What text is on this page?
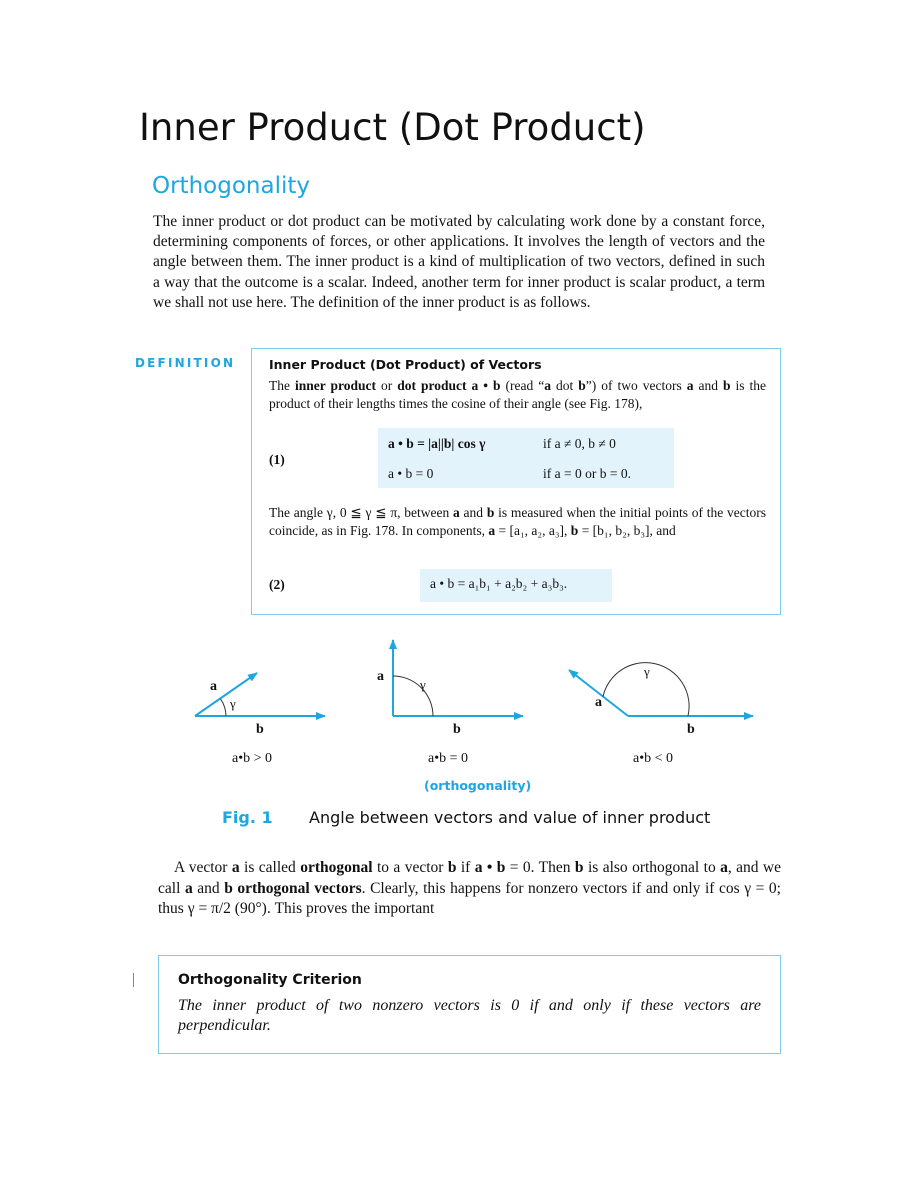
Inner Product (Dot Product)
Orthogonality

The inner product or dot product can be motivated by calculating work done by a constant force, determining components of forces, or other applications. It involves the length of vectors and the angle between them. The inner product is a kind of multiplication of two vectors, defined in such a way that the outcome is a scalar. Indeed, another term for inner product is scalar product, a term we shall not use here. The definition of the inner product is as follows.

DEFINITION	Inner Product (Dot Product) of Vectors

The inner product or dot product a • b (read “a dot b”) of two vectors a and b is the product of their lengths times the cosine of their angle (see Fig. 178),

(1)
a • b = |a||b| cos γ	if a ≠ 0, b ≠ 0
a • b = 0	if a = 0 or b = 0.

The angle γ, 0 ≦ γ ≦ π, between a and b is measured when the initial points of the vectors coincide, as in Fig. 178. In components, a = [a₁, a₂, a₃], b = [b₁, b₂, b₃], and

(2)	a • b = a₁b₁ + a₂b₂ + a₃b₃.
a
γ
b
a•b > 0
a
γ
b
a•b = 0
a
γ
b
a•b < 0
(orthogonality)
Fig. 1 Angle between vectors and value of inner product

A vector a is called orthogonal to a vector b if a • b = 0. Then b is also orthogonal to a, and we call a and b orthogonal vectors. Clearly, this happens for nonzero vectors if and only if cos γ = 0; thus γ = π/2 (90°). This proves the important

Orthogonality Criterion

The inner product of two nonzero vectors is 0 if and only if these vectors are perpendicular.
